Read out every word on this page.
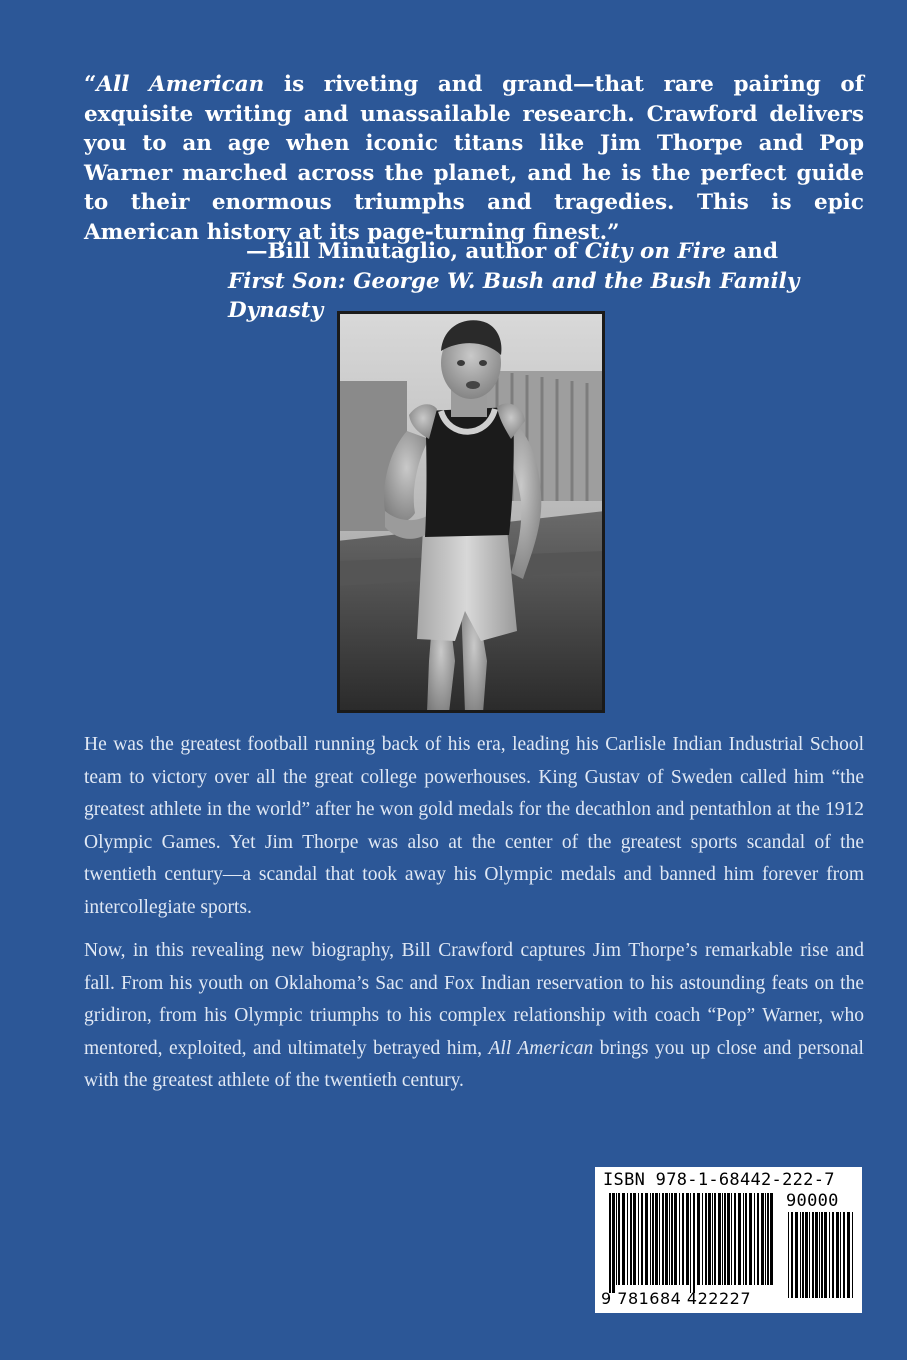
“All American is riveting and grand—that rare pairing of exquisite writing and unassailable research. Crawford delivers you to an age when iconic titans like Jim Thorpe and Pop Warner marched across the planet, and he is the perfect guide to their enormous triumphs and tragedies. This is epic American history at its page-turning finest.”
—Bill Minutaglio, author of City on Fire and
First Son: George W. Bush and the Bush Family Dynasty

He was the greatest football running back of his era, leading his Carlisle Indian Industrial School team to victory over all the great college powerhouses. King Gustav of Sweden called him “the greatest athlete in the world” after he won gold medals for the decathlon and pentathlon at the 1912 Olympic Games. Yet Jim Thorpe was also at the center of the greatest sports scandal of the twentieth century—a scandal that took away his Olympic medals and banned him forever from intercollegiate sports.

Now, in this revealing new biography, Bill Crawford captures Jim Thorpe’s remarkable rise and fall. From his youth on Oklahoma’s Sac and Fox Indian reservation to his astounding feats on the gridiron, from his Olympic triumphs to his complex relationship with coach “Pop” Warner, who mentored, exploited, and ultimately betrayed him, All American brings you up close and personal with the greatest athlete of the twentieth century.

ISBN 978-1-68442-222-7
90000
9 781684 422227
